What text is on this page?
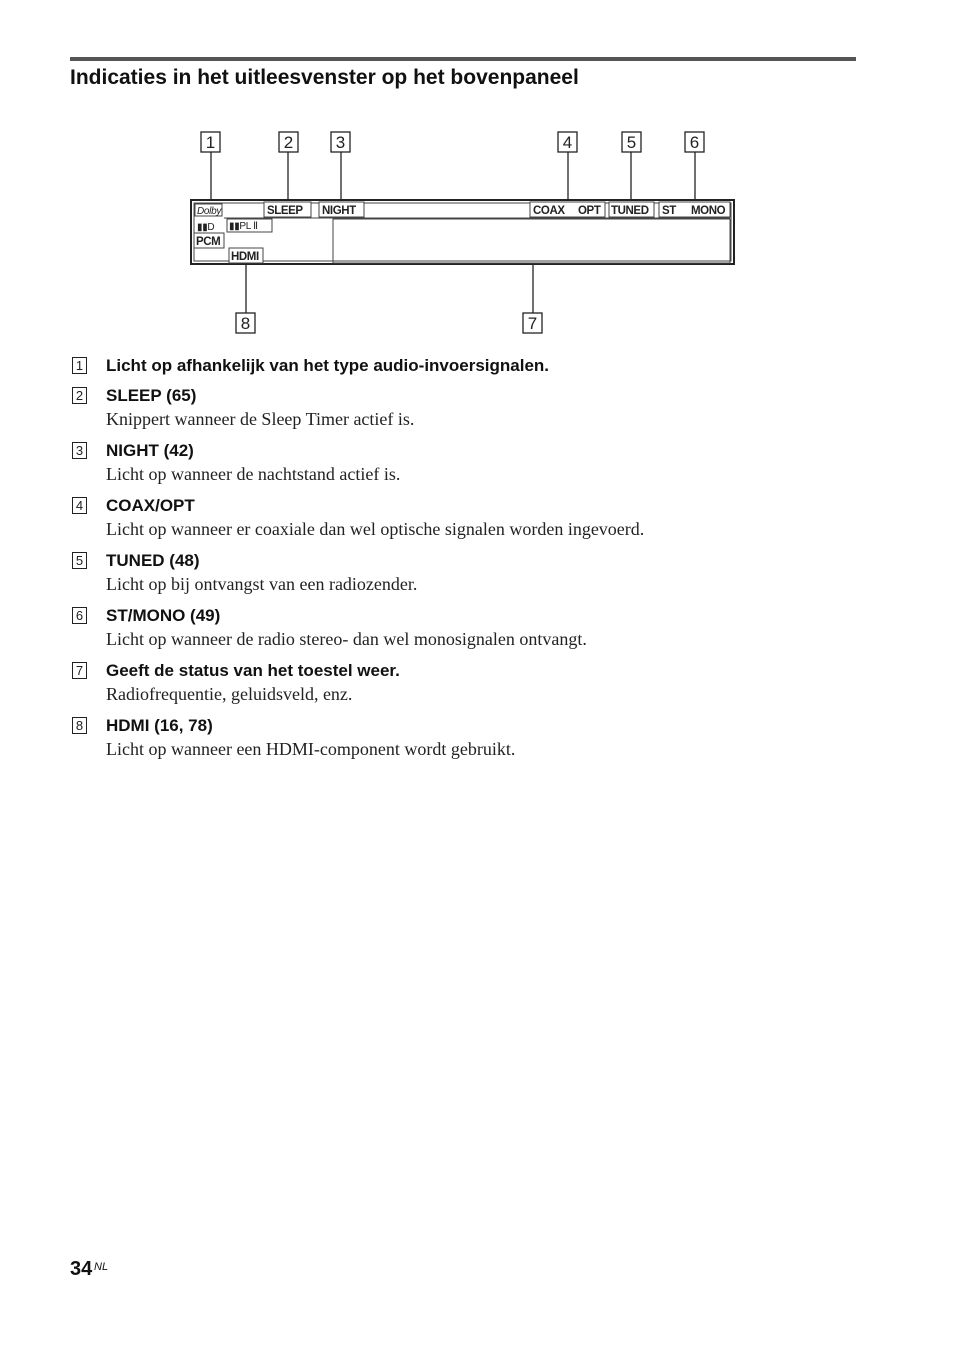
Indicaties in het uitleesvenster op het bovenpaneel
1	2	3	4	5	6
7
8
Dolby	SLEEP NIGHT	COAX OPT TUNED ST MONO
▮▮D ▮▮PL Ⅱ
PCM
HDMI
1 Licht op afhankelijk van het type audio-invoersignalen.
2 SLEEP (65)
Knippert wanneer de Sleep Timer actief is.
3 NIGHT (42)
Licht op wanneer de nachtstand actief is.
4 COAX/OPT
Licht op wanneer er coaxiale dan wel optische signalen worden ingevoerd.
5 TUNED (48)
Licht op bij ontvangst van een radiozender.
6 ST/MONO (49)
Licht op wanneer de radio stereo- dan wel monosignalen ontvangt.
7 Geeft de status van het toestel weer.
Radiofrequentie, geluidsveld, enz.
8 HDMI (16, 78)
Licht op wanneer een HDMI-component wordt gebruikt.
34 NL
